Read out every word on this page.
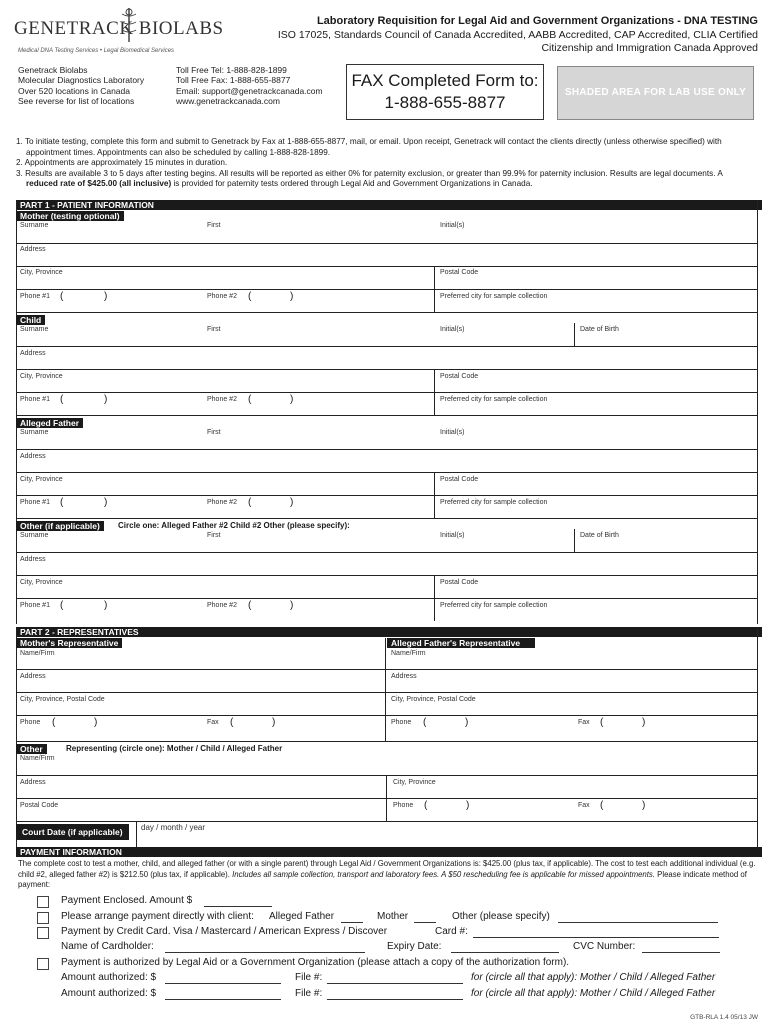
GENETRACK BIOLABS
Medical DNA Testing Services • Legal Biomedical Services
Laboratory Requisition for Legal Aid and Government Organizations - DNA TESTING
ISO 17025, Standards Council of Canada Accredited, AABB Accredited, CAP Accredited, CLIA Certified
Citizenship and Immigration Canada Approved
Genetrack Biolabs
Molecular Diagnostics Laboratory
Over 520 locations in Canada
See reverse for list of locations
Toll Free Tel: 1-888-828-1899
Toll Free Fax: 1-888-655-8877
Email: support@genetrackcanada.com
www.genetrackcanada.com
FAX Completed Form to:
1-888-655-8877
SHADED AREA FOR LAB USE ONLY
1. To initiate testing, complete this form and submit to Genetrack by Fax at 1-888-655-8877, mail, or email. Upon receipt, Genetrack will contact the clients directly (unless otherwise specified) with appointment times. Appointments can also be scheduled by calling 1-888-828-1899.
2. Appointments are approximately 15 minutes in duration.
3. Results are available 3 to 5 days after testing begins. All results will be reported as either 0% for paternity exclusion, or greater than 99.9% for paternity inclusion. Results are legal documents. A reduced rate of $425.00 (all inclusive) is provided for paternity tests ordered through Legal Aid and Government Organizations in Canada.
PART 1 - PATIENT INFORMATION
Mother (testing optional)
Surname	First	Initial(s)
Address
City, Province	Postal Code
Phone #1 (	)	Phone #2 (	)	Preferred city for sample collection
Child
Surname	First	Initial(s)	Date of Birth
Address
City, Province	Postal Code
Phone #1 (	)	Phone #2 (	)	Preferred city for sample collection
Alleged Father
Surname	First	Initial(s)
Address
City, Province	Postal Code
Phone #1 (	)	Phone #2 (	)	Preferred city for sample collection
Other (if applicable)	Circle one: Alleged Father #2 Child #2 Other (please specify):
Surname	First	Initial(s)	Date of Birth
Address
City, Province	Postal Code
Phone #1 (	)	Phone #2 (	)	Preferred city for sample collection
PART 2 - REPRESENTATIVES
Mother's Representative	Alleged Father's Representative
Name/Firm	Name/Firm
Address	Address
City, Province, Postal Code	City, Province, Postal Code
Phone (	)	Fax (	)	Phone (	)	Fax (	)
Other	Representing (circle one): Mother / Child / Alleged Father
Name/Firm
Address	City, Province
Postal Code	Phone (	)	Fax (	)
Court Date (if applicable)	day / month / year
PAYMENT INFORMATION
The complete cost to test a mother, child, and alleged father (or with a single parent) through Legal Aid / Government Organizations is: $425.00 (plus tax, if applicable). The cost to test each additional individual (e.g. child #2, alleged father #2) is $212.50 (plus tax, if applicable). Includes all sample collection, transport and laboratory fees. A $50 rescheduling fee is applicable for missed appointments. Please indicate method of payment:
Payment Enclosed. Amount $
Please arrange payment directly with client: Alleged Father	Mother	Other (please specify)
Payment by Credit Card. Visa / Mastercard / American Express / Discover	Card #:
Name of Cardholder:	Expiry Date:	CVC Number:
Payment is authorized by Legal Aid or a Government Organization (please attach a copy of the authorization form).
Amount authorized: $	File #:	for (circle all that apply): Mother / Child / Alleged Father
Amount authorized: $	File #:	for (circle all that apply): Mother / Child / Alleged Father
GTB-RLA 1.4 05/13 JW
